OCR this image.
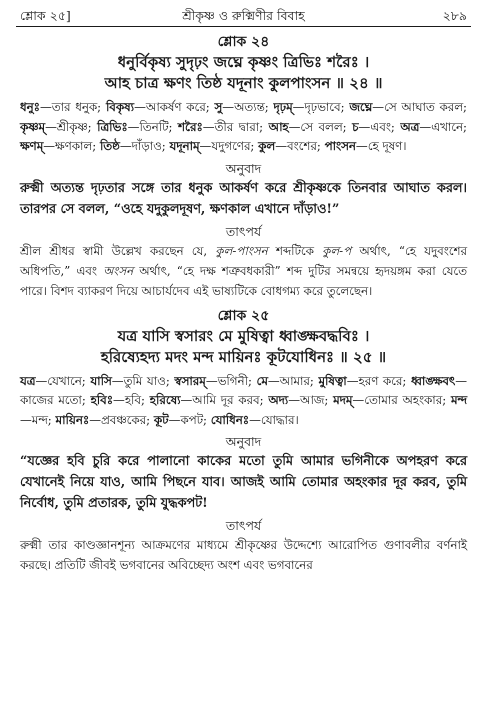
শ্লোক ২৫]	শ্রীকৃষ্ণ ও রুক্মিণীর বিবাহ	২৮৯
শ্লোক ২৪
ধনুর্বিকৃষ্য সুদৃঢ়ং জঘ্নে কৃষ্ণং ত্রিভিঃ শরৈঃ ।
আহ চাত্র ক্ষণং তিষ্ঠ যদূনাং কুলপাংসন ॥ ২৪ ॥
ধনুঃ—তার ধনুক; বিকৃষ্য—আকর্ষণ করে; সু—অত্যন্ত; দৃঢ়ম্—দৃঢ়ভাবে; জঘ্নে—সে আঘাত করল; কৃষ্ণম্—শ্রীকৃষ্ণ; ত্রিভিঃ—তিনটি; শরৈঃ—তীর দ্বারা; আহ—সে বলল; চ—এবং; অত্র—এখানে; ক্ষণম্—ক্ষণকাল; তিষ্ঠ—দাঁড়াও; যদূনাম্—যদুগণের; কুল—বংশের; পাংসন—হে দূষণ।
অনুবাদ
রুক্মী অত্যন্ত দৃঢ়তার সঙ্গে তার ধনুক আকর্ষণ করে শ্রীকৃষ্ণকে তিনবার আঘাত করল। তারপর সে বলল, “ওহে যদুকুলদূষণ, ক্ষণকাল এখানে দাঁড়াও!”
তাৎপর্য
শ্রীল শ্রীধর স্বামী উল্লেখ করছেন যে, কুল-পাংসন শব্দটিকে কুল-প অর্থাৎ, “হে যদুবংশের অধিপতি,” এবং অংসন অর্থাৎ, “হে দক্ষ শত্রুবধকারী” শব্দ দুটির সমন্বয়ে হৃদয়ঙ্গম করা যেতে পারে। বিশদ ব্যাকরণ দিয়ে আচার্যদেব এই ভাষ্যটিকে বোধগম্য করে তুলেছেন।
শ্লোক ২৫
যত্র যাসি স্বসারং মে মুষিত্বা ধ্বাঙ্ক্ষবদ্ধবিঃ ।
হরিষ্যেহদ্য মদং মন্দ মায়িনঃ কূটযোধিনঃ ॥ ২৫ ॥
যত্র—যেখানে; যাসি—তুমি যাও; স্বসারম্—ভগিনী; মে—আমার; মুষিত্বা—হরণ করে; ধ্বাঙ্ক্ষবৎ—কাজের মতো; হবিঃ—হবি; হরিষ্যে—আমি দূর করব; অদ্য—আজ; মদম্—তোমার অহংকার; মন্দ—মন্দ; মায়িনঃ—প্রবঞ্চকের; কূট—কপট; যোধিনঃ—যোদ্ধার।
অনুবাদ
“যজ্ঞের হবি চুরি করে পালানো কাকের মতো তুমি আমার ভগিনীকে অপহরণ করে যেখানেই নিয়ে যাও, আমি পিছনে যাব। আজই আমি তোমার অহংকার দূর করব, তুমি নির্বোধ, তুমি প্রতারক, তুমি যুদ্ধকপট!
তাৎপর্য
রুক্মী তার কাণ্ডজ্ঞানশূন্য আক্রমণের মাধ্যমে শ্রীকৃষ্ণের উদ্দেশ্যে আরোপিত গুণাবলীর বর্ণনাই করছে। প্রতিটি জীবই ভগবানের অবিচ্ছেদ্য অংশ এবং ভগবানের
